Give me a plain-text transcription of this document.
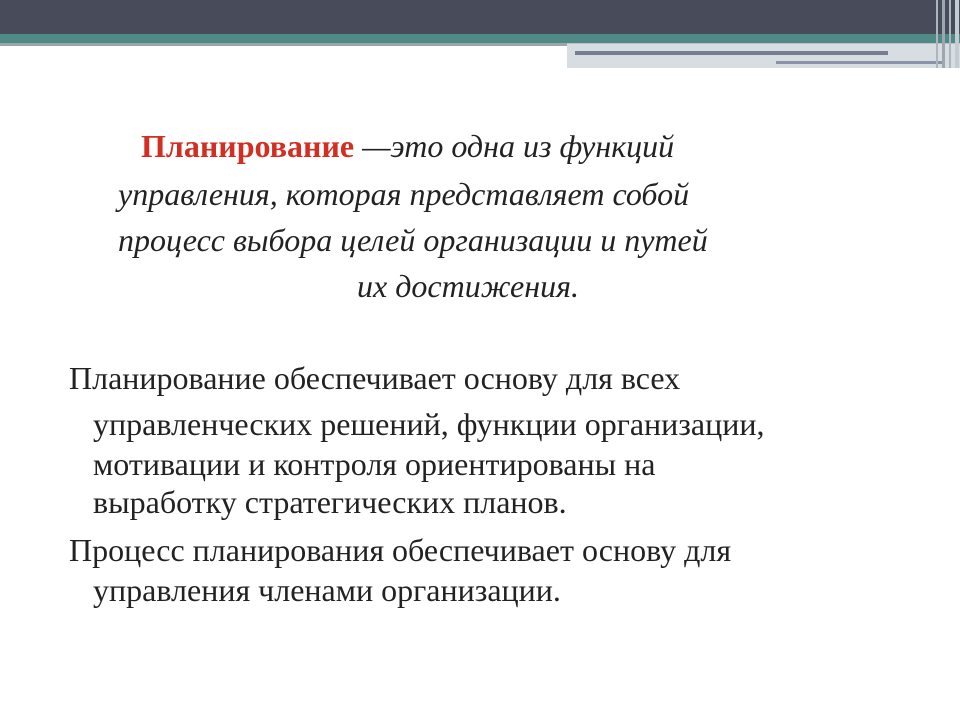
Планирование —это одна из функций

управления, которая представляет собой

процесс выбора целей организации и путей

их достижения.

Планирование обеспечивает основу для всех

управленческих решений, функции организации,

мотивации и контроля ориентированы на

выработку стратегических планов.

Процесс планирования обеспечивает основу для

управления членами организации.
